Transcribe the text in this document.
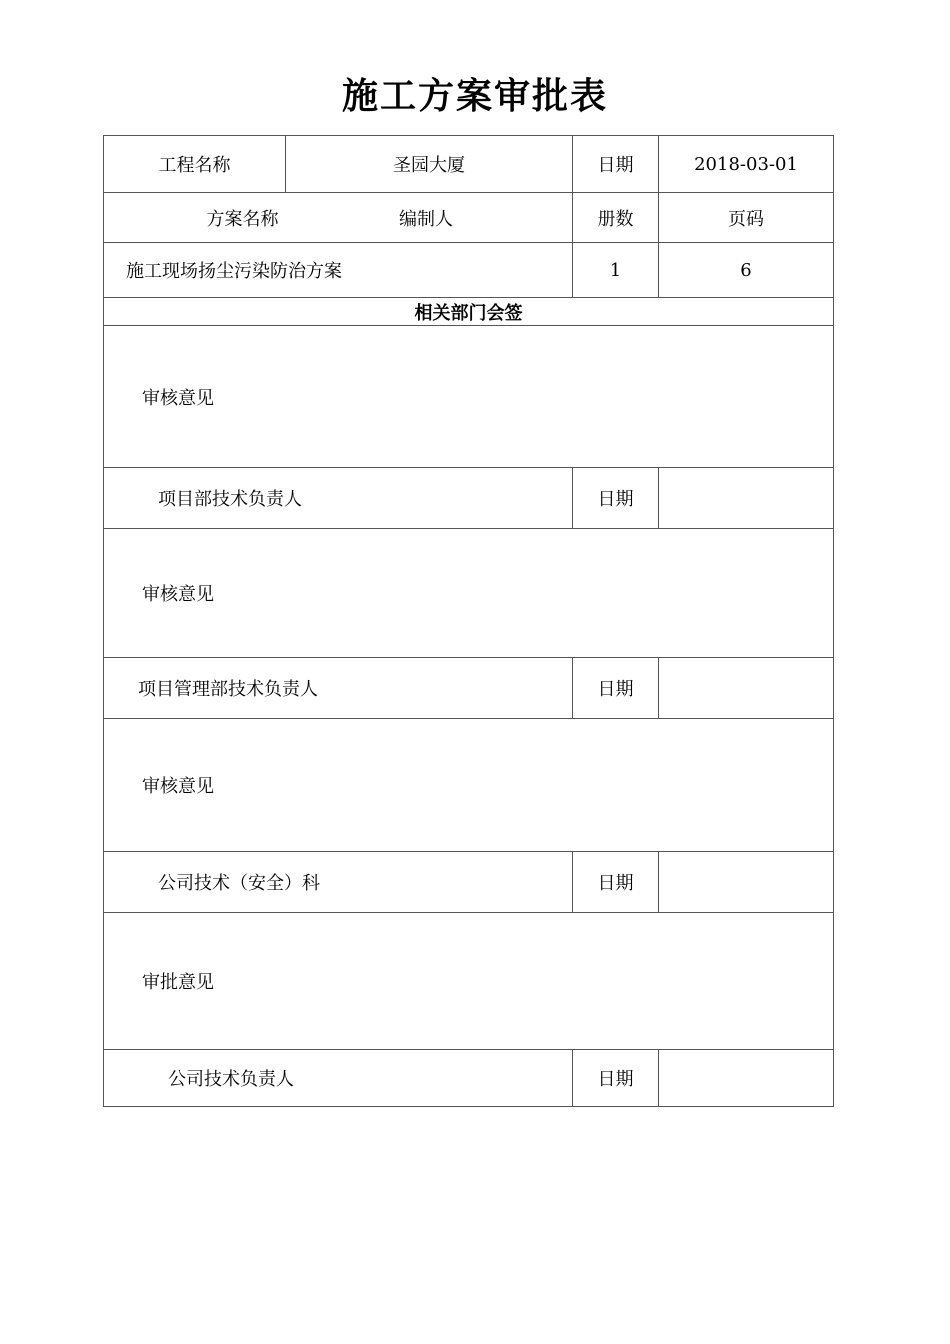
施工方案审批表
工程名称	圣园大厦	日期	2018-03-01

方案名称 编制人		册数	页码
施工现场扬尘污染防治方案		1	6
相关部门会签			
审核意见			
项目部技术负责人		日期	
审核意见			
项目管理部技术负责人		日期	
审核意见			
公司技术（安全）科		日期	
审批意见			
公司技术负责人		日期	
